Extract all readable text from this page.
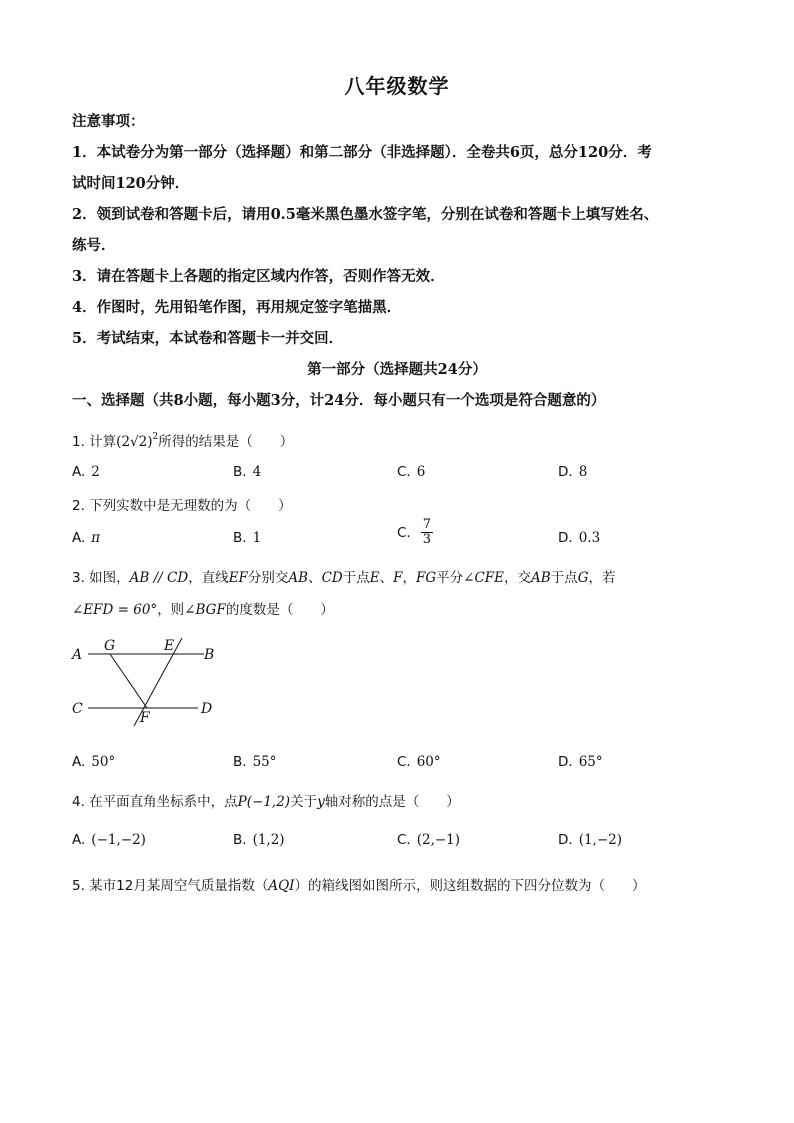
八年级数学
注意事项：
1．本试卷分为第一部分（选择题）和第二部分（非选择题）．全卷共6页，总分120分．考
试时间120分钟．
2．领到试卷和答题卡后，请用0.5毫米黑色墨水签字笔，分别在试卷和答题卡上填写姓名、
练号．
3．请在答题卡上各题的指定区域内作答，否则作答无效．
4．作图时，先用铅笔作图，再用规定签字笔描黑．
5．考试结束，本试卷和答题卡一并交回．
第一部分（选择题共24分）
一、选择题（共8小题，每小题3分，计24分．每小题只有一个选项是符合题意的）
1. 计算$(2√2)^2$所得的结果是（　　）
A. 2	B. 4	C. 6	D. 8
2. 下列实数中是无理数的为（　　）
A. π	B. 1	C. $\frac{7}{3}$	D. 0.3
3. 如图，AB // CD，直线EF分别交AB、CD于点E、F，FG平分∠CFE，交AB于点G，若
∠EFD = 60°，则∠BGF的度数是（　　）
A	B
C	D
G	E
F
A. 50°	B. 55°	C. 60°	D. 65°
4. 在平面直角坐标系中，点P(−1,2)关于y轴对称的点是（　　）
A. (−1,−2)	B. (1,2)	C. (2,−1)	D. (1,−2)
5. 某市12月某周空气质量指数（AQI）的箱线图如图所示，则这组数据的下四分位数为（　　）
